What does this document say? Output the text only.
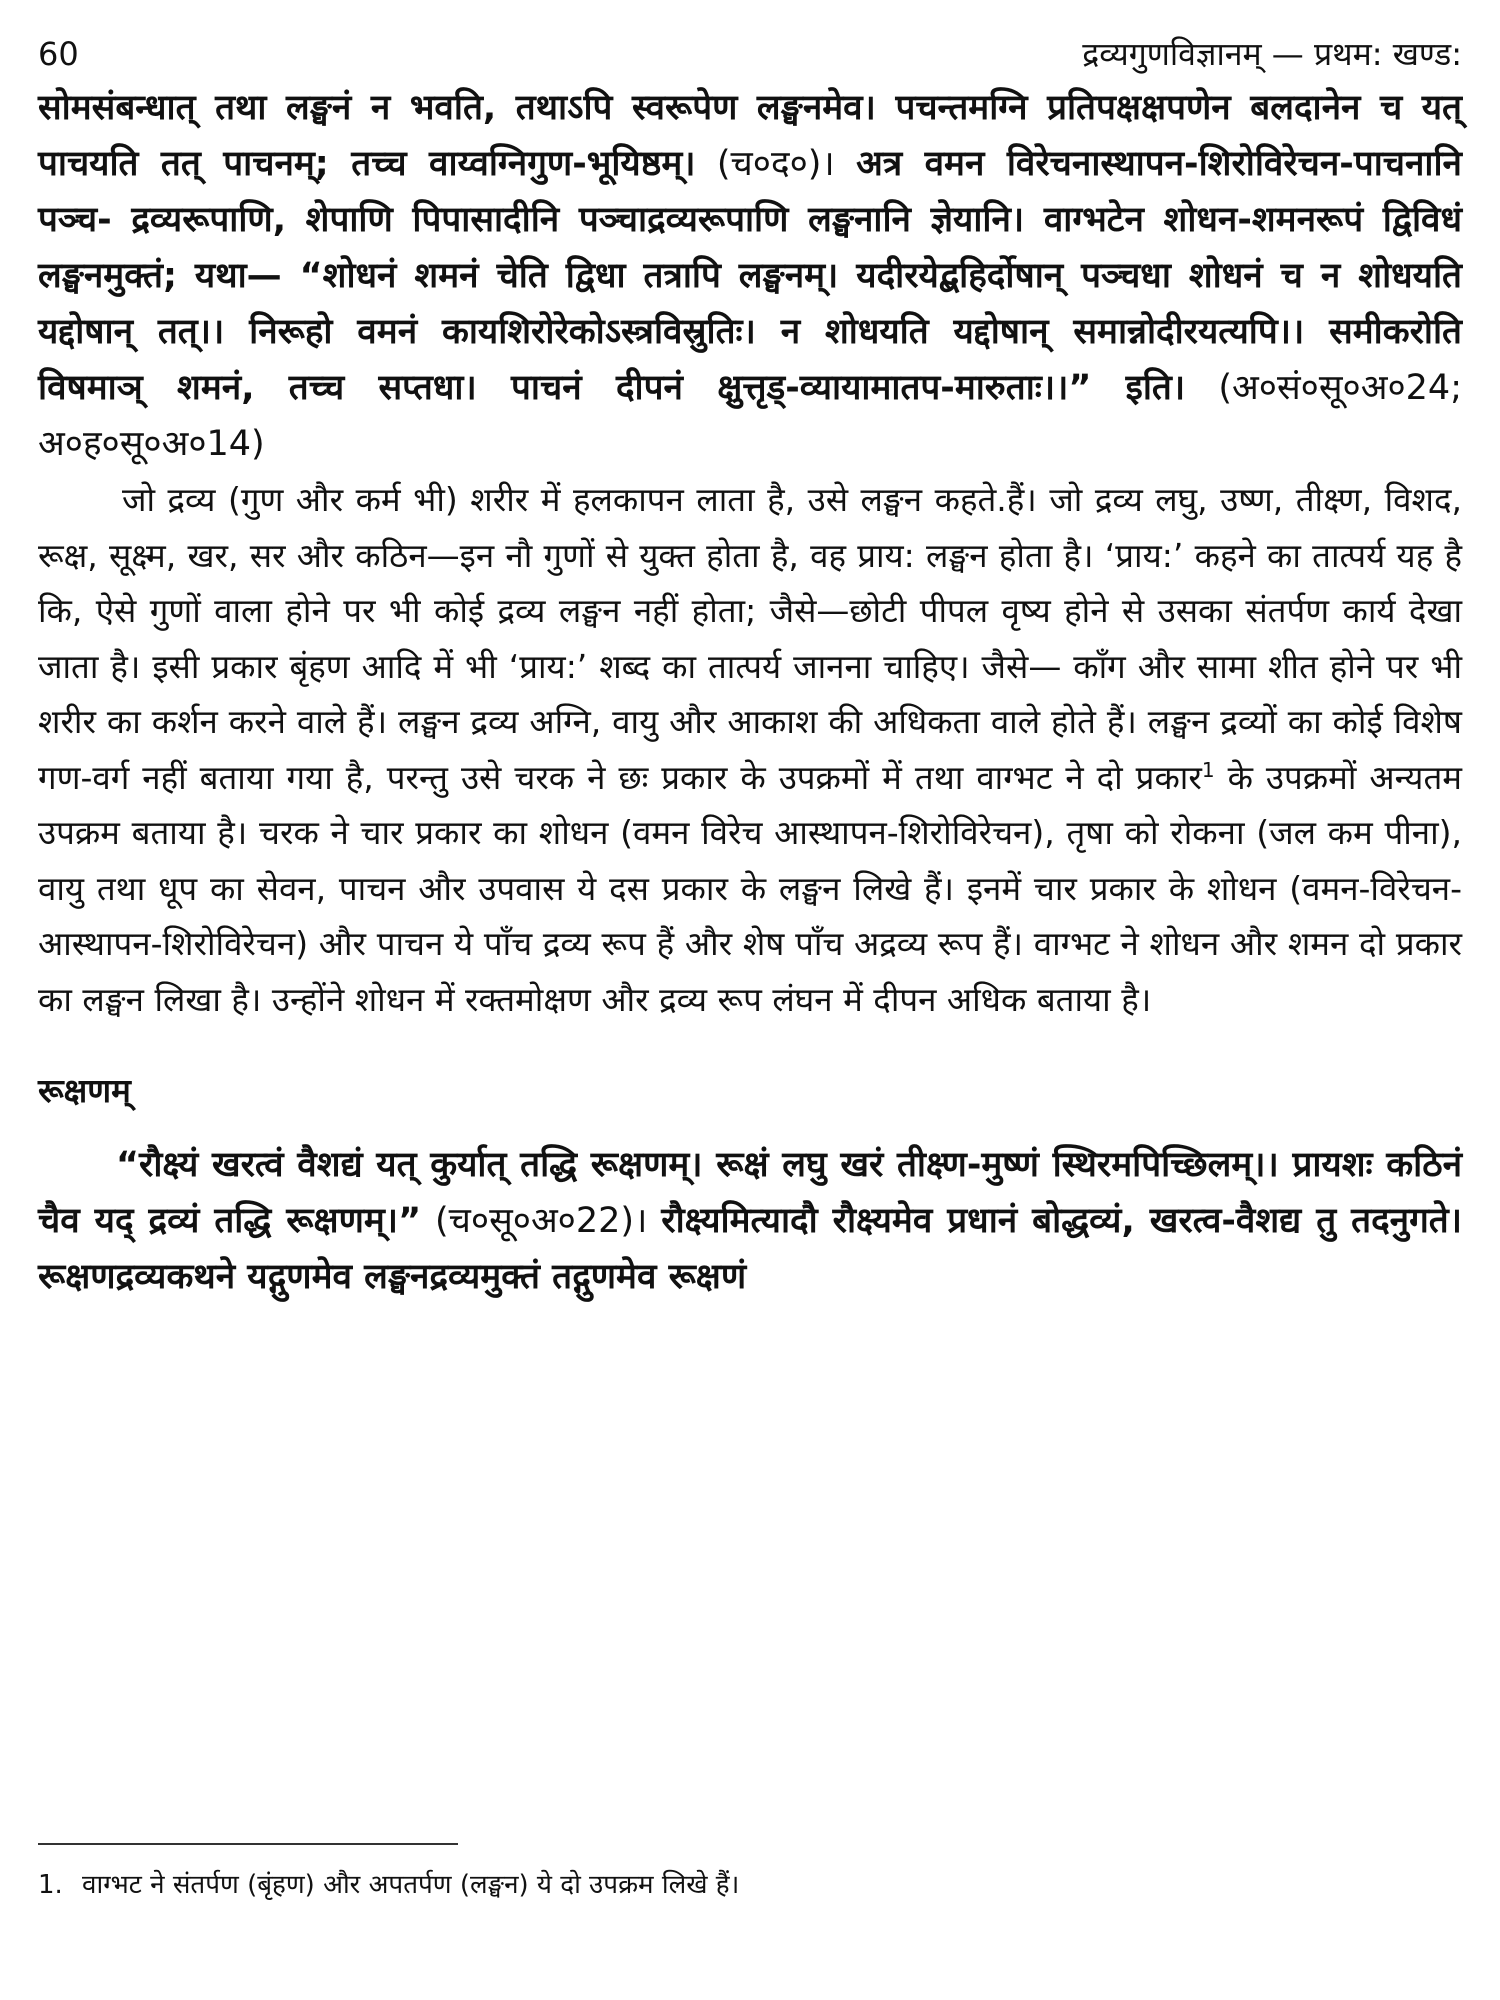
60	द्रव्यगुणविज्ञानम् — प्रथम: खण्ड:

सोमसंबन्धात् तथा लङ्घनं न भवति, तथाऽपि स्वरूपेण लङ्घनमेव। पचन्तमग्नि प्रतिपक्षक्षपणेन बलदानेन च यत् पाचयति तत् पाचनम्; तच्च वाय्वग्निगुण-भूयिष्ठम्। (च०द०)। अत्र वमन विरेचनास्थापन-शिरोविरेचन-पाचनानि पञ्च- द्रव्यरूपाणि, शेपाणि पिपासादीनि पञ्चाद्रव्यरूपाणि लङ्घनानि ज्ञेयानि। वाग्भटेन शोधन-शमनरूपं द्विविधं लङ्घनमुक्तं; यथा— “शोधनं शमनं चेति द्विधा तत्रापि लङ्घनम्। यदीरयेद्बहिर्दोषान् पञ्चधा शोधनं च न शोधयति यद्दोषान् तत्।। निरूहो वमनं कायशिरोरेकोऽस्त्रविस्रुतिः। न शोधयति यद्दोषान् समान्नोदीरयत्यपि।। समीकरोति विषमाञ् शमनं, तच्च सप्तधा। पाचनं दीपनं क्षुत्तृड्-व्यायामातप-मारुताः।।” इति। (अ०सं०सू०अ०24; अ०ह०सू०अ०14)

जो द्रव्य (गुण और कर्म भी) शरीर में हलकापन लाता है, उसे लङ्घन कहते.हैं। जो द्रव्य लघु, उष्ण, तीक्ष्ण, विशद, रूक्ष, सूक्ष्म, खर, सर और कठिन—इन नौ गुणों से युक्त होता है, वह प्राय: लङ्घन होता है। ‘प्राय:’ कहने का तात्पर्य यह है कि, ऐसे गुणों वाला होने पर भी कोई द्रव्य लङ्घन नहीं होता; जैसे—छोटी पीपल वृष्य होने से उसका संतर्पण कार्य देखा जाता है। इसी प्रकार बृंहण आदि में भी ‘प्राय:’ शब्द का तात्पर्य जानना चाहिए। जैसे— काँग और सामा शीत होने पर भी शरीर का कर्शन करने वाले हैं। लङ्घन द्रव्य अग्नि, वायु और आकाश की अधिकता वाले होते हैं। लङ्घन द्रव्यों का कोई विशेष गण-वर्ग नहीं बताया गया है, परन्तु उसे चरक ने छः प्रकार के उपक्रमों में तथा वाग्भट ने दो प्रकार$^1$ के उपक्रमों अन्यतम उपक्रम बताया है। चरक ने चार प्रकार का शोधन (वमन विरेच आस्थापन-शिरोविरेचन), तृषा को रोकना (जल कम पीना), वायु तथा धूप का सेवन, पाचन और उपवास ये दस प्रकार के लङ्घन लिखे हैं। इनमें चार प्रकार के शोधन (वमन-विरेचन-आस्थापन-शिरोविरेचन) और पाचन ये पाँच द्रव्य रूप हैं और शेष पाँच अद्रव्य रूप हैं। वाग्भट ने शोधन और शमन दो प्रकार का लङ्घन लिखा है। उन्होंने शोधन में रक्तमोक्षण और द्रव्य रूप लंघन में दीपन अधिक बताया है।

रूक्षणम्

“रौक्ष्यं खरत्वं वैशद्यं यत् कुर्यात् तद्धि रूक्षणम्। रूक्षं लघु खरं तीक्ष्ण-मुष्णं स्थिरमपिच्छिलम्।। प्रायशः कठिनं चैव यद् द्रव्यं तद्धि रूक्षणम्।” (च०सू०अ०22)। रौक्ष्यमित्यादौ रौक्ष्यमेव प्रधानं बोद्धव्यं, खरत्व-वैशद्य तु तदनुगते। रूक्षणद्रव्यकथने यद्गुणमेव लङ्घनद्रव्यमुक्तं तद्गुणमेव रूक्षणं

1. वाग्भट ने संतर्पण (बृंहण) और अपतर्पण (लङ्घन) ये दो उपक्रम लिखे हैं।
